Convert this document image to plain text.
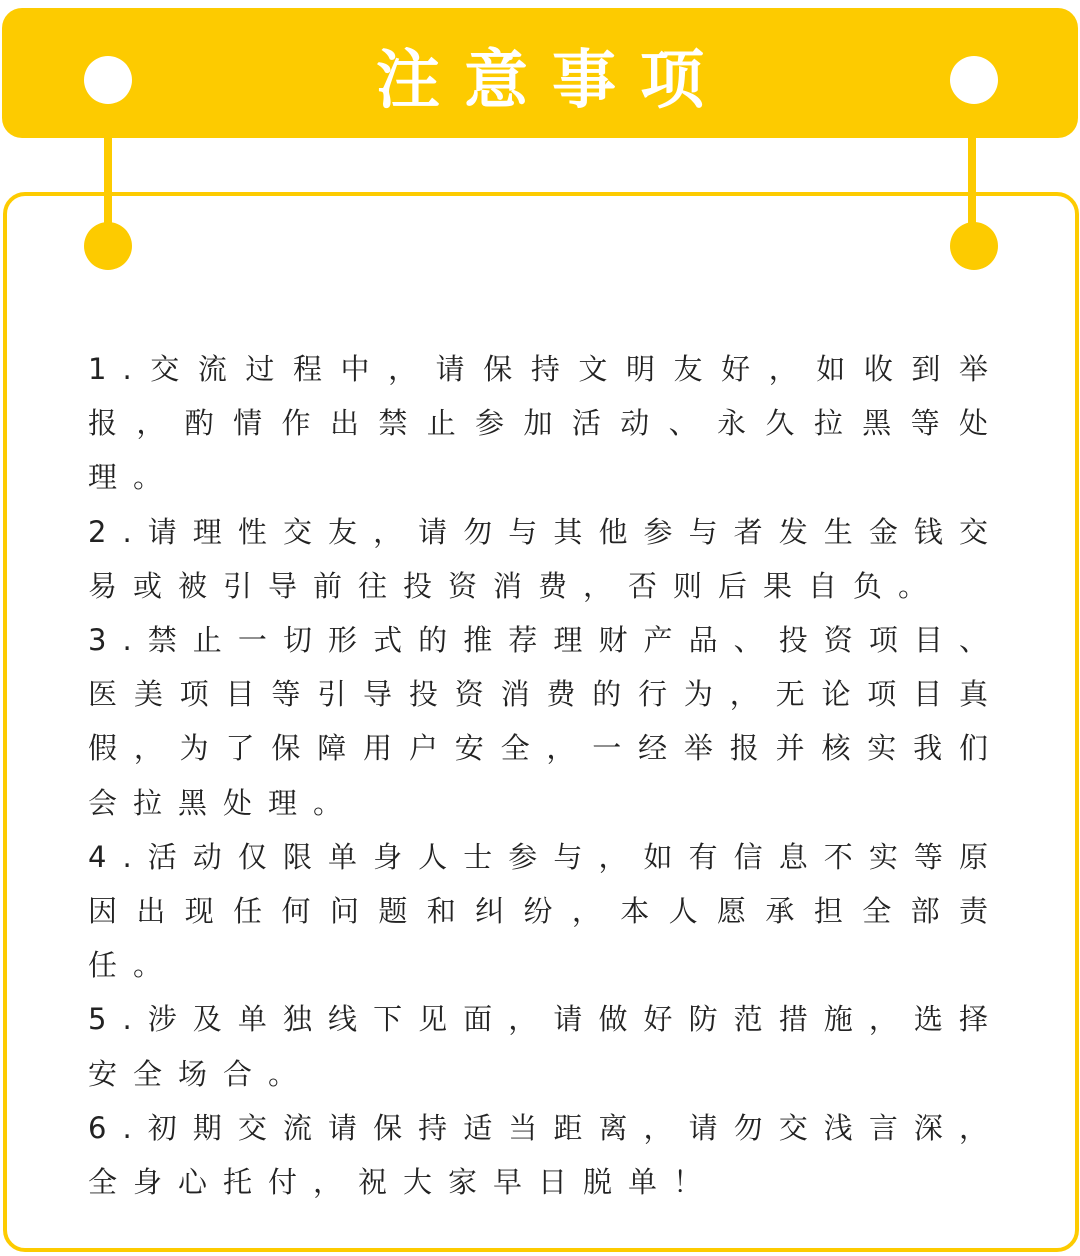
注意事项

1.交流过程中，请保持文明友好，如收到举报，酌情作出禁止参加活动、永久拉黑等处理。

2.请理性交友，请勿与其他参与者发生金钱交易或被引导前往投资消费，否则后果自负。

3.禁止一切形式的推荐理财产品、投资项目、医美项目等引导投资消费的行为，无论项目真假，为了保障用户安全，一经举报并核实我们会拉黑处理。

4.活动仅限单身人士参与，如有信息不实等原因出现任何问题和纠纷，本人愿承担全部责任。

5.涉及单独线下见面，请做好防范措施，选择安全场合。

6.初期交流请保持适当距离，请勿交浅言深，全身心托付，祝大家早日脱单！
